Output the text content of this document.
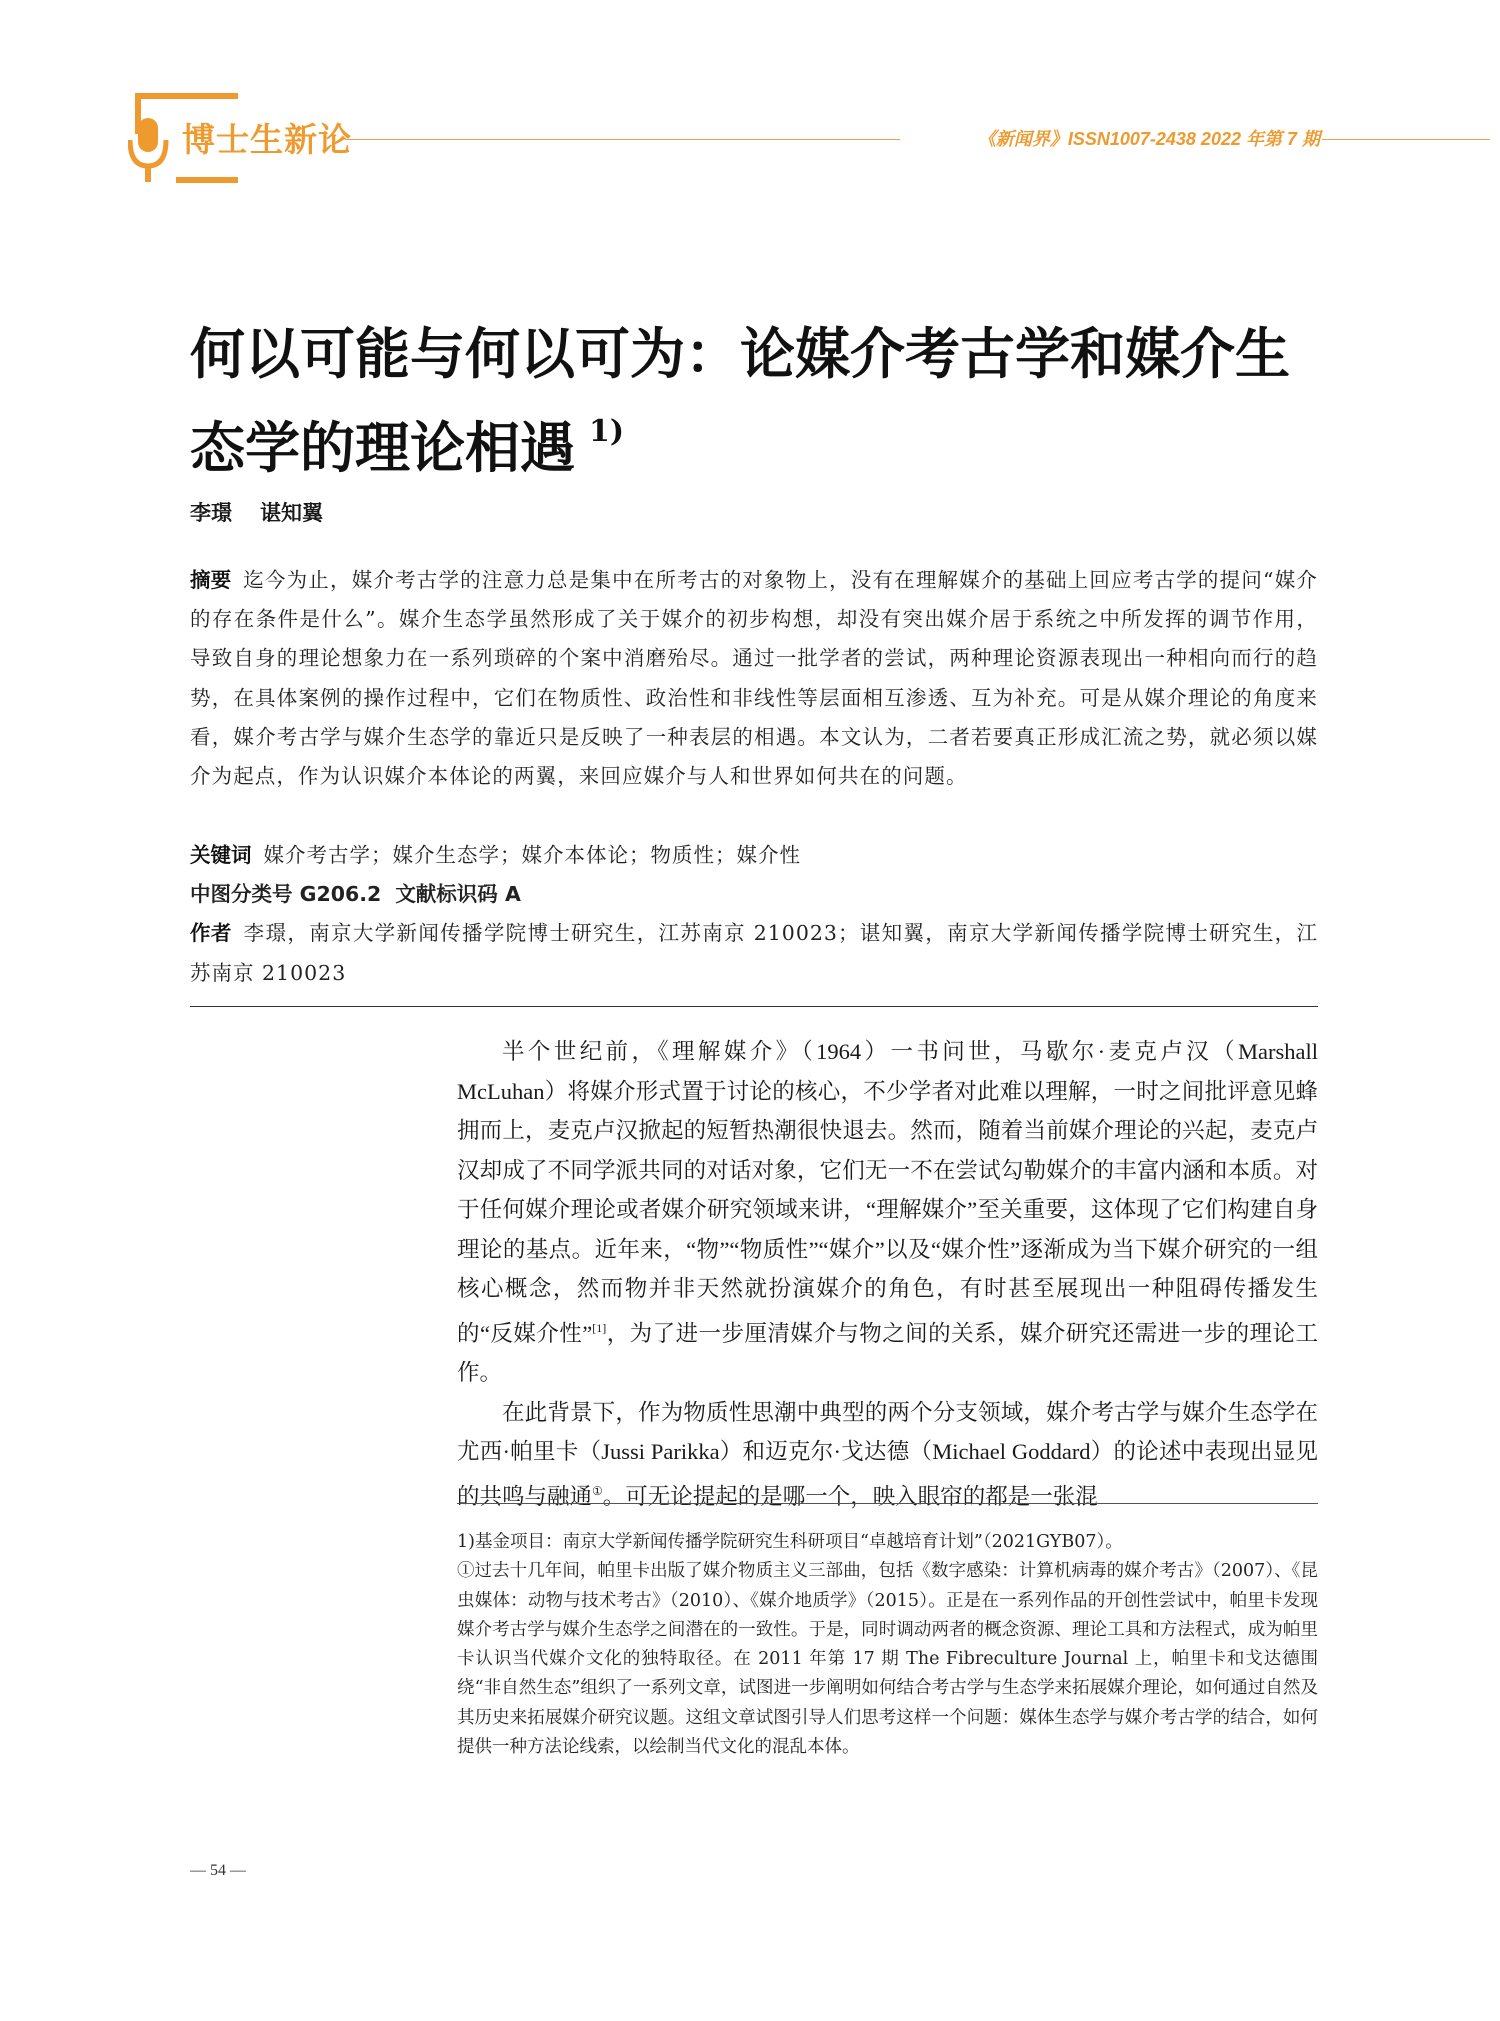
博士生新论	《新闻界》ISSN1007-2438 2022 年第 7 期
何以可能与何以可为：论媒介考古学和媒介生态学的理论相遇 $^{1)}$
李璟 谌知翼
摘要 迄今为止，媒介考古学的注意力总是集中在所考古的对象物上，没有在理解媒介的基础上回应考古学的提问“媒介的存在条件是什么”。媒介生态学虽然形成了关于媒介的初步构想，却没有突出媒介居于系统之中所发挥的调节作用，导致自身的理论想象力在一系列琐碎的个案中消磨殆尽。通过一批学者的尝试，两种理论资源表现出一种相向而行的趋势，在具体案例的操作过程中，它们在物质性、政治性和非线性等层面相互渗透、互为补充。可是从媒介理论的角度来看，媒介考古学与媒介生态学的靠近只是反映了一种表层的相遇。本文认为，二者若要真正形成汇流之势，就必须以媒介为起点，作为认识媒介本体论的两翼，来回应媒介与人和世界如何共在的问题。
关键词 媒介考古学；媒介生态学；媒介本体论；物质性；媒介性
中图分类号 G206.2 文献标识码 A
作者 李璟，南京大学新闻传播学院博士研究生，江苏南京 210023；谌知翼，南京大学新闻传播学院博士研究生，江苏南京 210023

半个世纪前，《理解媒介》（1964）一书问世，马歇尔·麦克卢汉（Marshall McLuhan）将媒介形式置于讨论的核心，不少学者对此难以理解，一时之间批评意见蜂拥而上，麦克卢汉掀起的短暂热潮很快退去。然而，随着当前媒介理论的兴起，麦克卢汉却成了不同学派共同的对话对象，它们无一不在尝试勾勒媒介的丰富内涵和本质。对于任何媒介理论或者媒介研究领域来讲，“理解媒介”至关重要，这体现了它们构建自身理论的基点。近年来，“物”“物质性”“媒介”以及“媒介性”逐渐成为当下媒介研究的一组核心概念，然而物并非天然就扮演媒介的角色，有时甚至展现出一种阻碍传播发生的“反媒介性”[1]，为了进一步厘清媒介与物之间的关系，媒介研究还需进一步的理论工作。

在此背景下，作为物质性思潮中典型的两个分支领域，媒介考古学与媒介生态学在尤西·帕里卡（Jussi Parikka）和迈克尔·戈达德（Michael Goddard）的论述中表现出显见的共鸣与融通①。可无论提起的是哪一个，映入眼帘的都是一张混

1)基金项目：南京大学新闻传播学院研究生科研项目“卓越培育计划”（2021GYB07）。

①过去十几年间，帕里卡出版了媒介物质主义三部曲，包括《数字感染：计算机病毒的媒介考古》（2007）、《昆虫媒体：动物与技术考古》（2010）、《媒介地质学》（2015）。正是在一系列作品的开创性尝试中，帕里卡发现媒介考古学与媒介生态学之间潜在的一致性。于是，同时调动两者的概念资源、理论工具和方法程式，成为帕里卡认识当代媒介文化的独特取径。在 2011 年第 17 期 The Fibreculture Journal 上，帕里卡和戈达德围绕“非自然生态”组织了一系列文章，试图进一步阐明如何结合考古学与生态学来拓展媒介理论，如何通过自然及其历史来拓展媒介研究议题。这组文章试图引导人们思考这样一个问题：媒体生态学与媒介考古学的结合，如何提供一种方法论线索，以绘制当代文化的混乱本体。

— 54 —
